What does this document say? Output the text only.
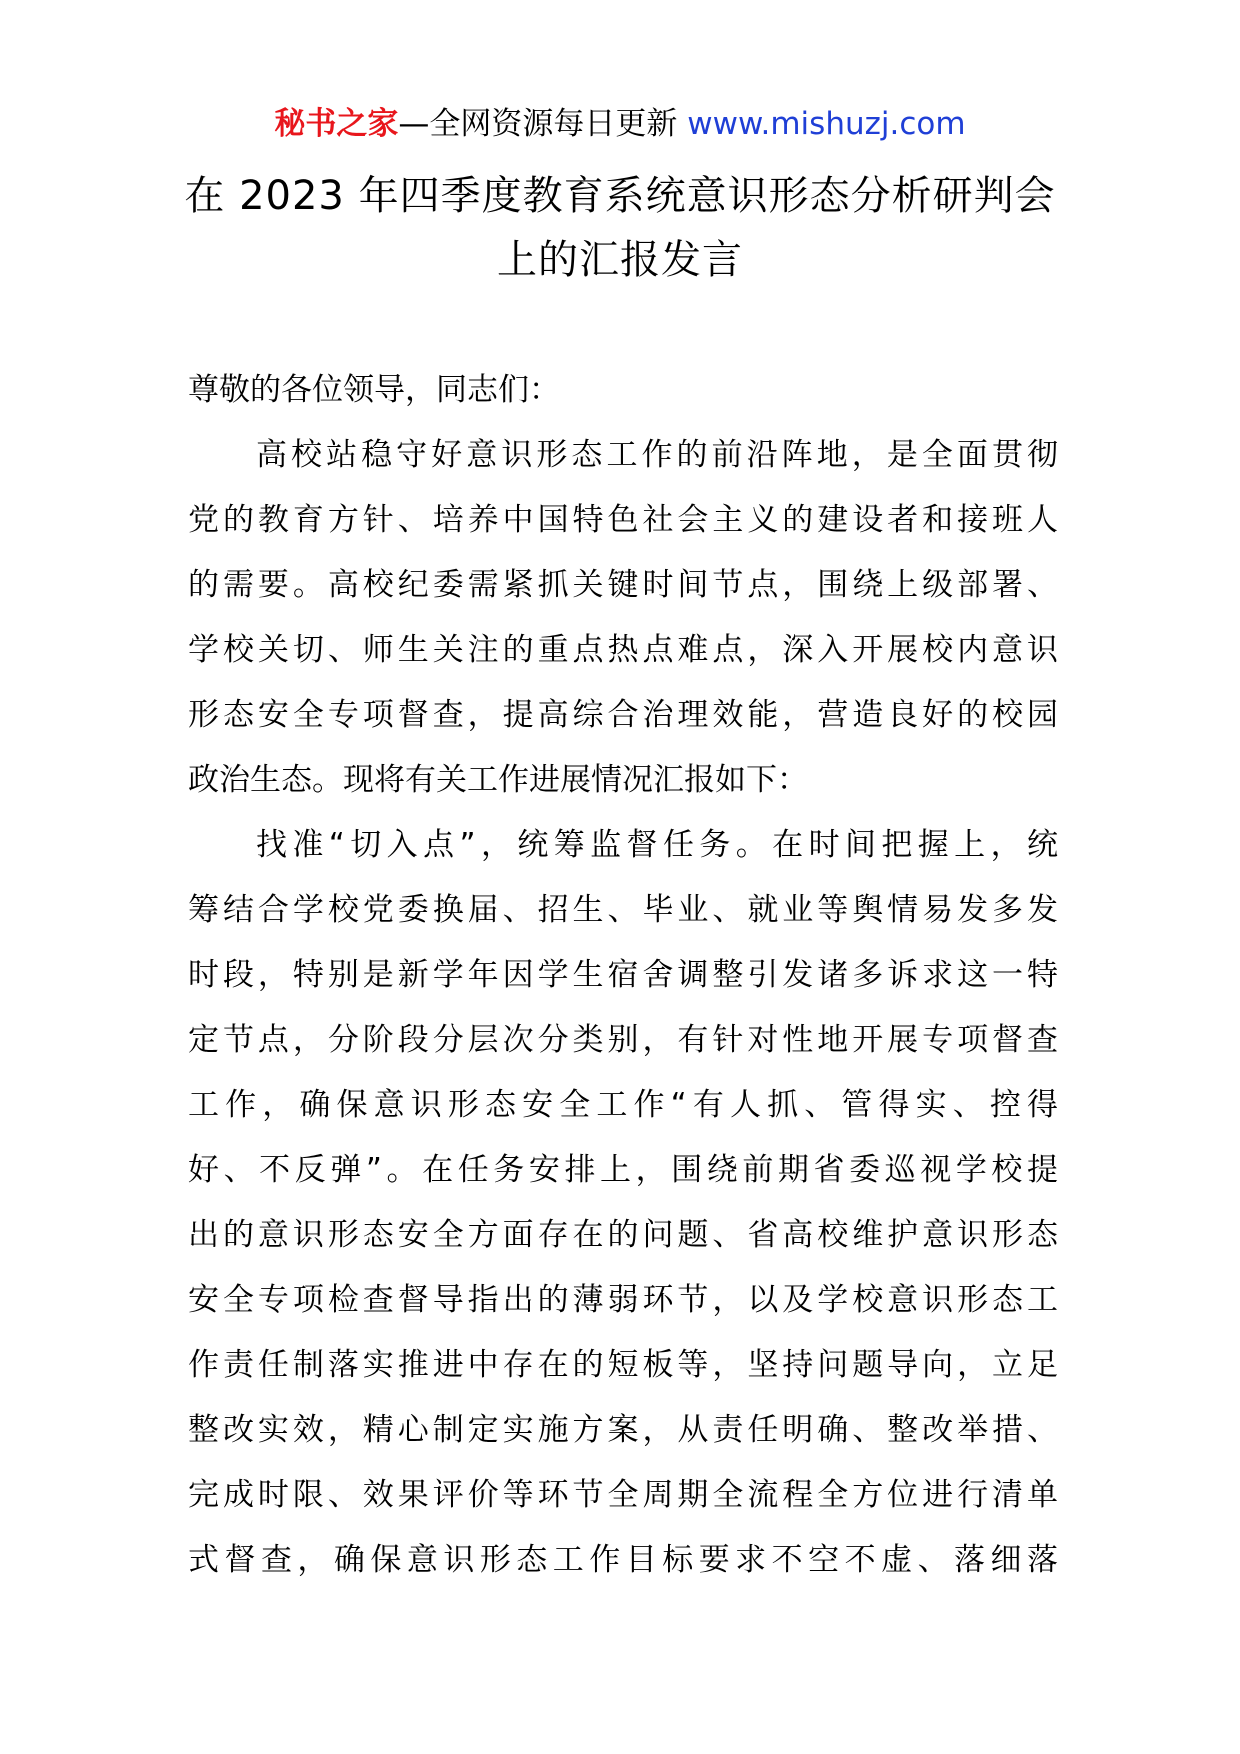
秘书之家—全网资源每日更新 www.mishuzj.com
在 2023 年四季度教育系统意识形态分析研判会
上的汇报发言
尊敬的各位领导，同志们：
高校站稳守好意识形态工作的前沿阵地，是全面贯彻
党的教育方针、培养中国特色社会主义的建设者和接班人
的需要。高校纪委需紧抓关键时间节点，围绕上级部署、
学校关切、师生关注的重点热点难点，深入开展校内意识
形态安全专项督查，提高综合治理效能，营造良好的校园
政治生态。现将有关工作进展情况汇报如下：
找准“切入点”，统筹监督任务。在时间把握上，统
筹结合学校党委换届、招生、毕业、就业等舆情易发多发
时段，特别是新学年因学生宿舍调整引发诸多诉求这一特
定节点，分阶段分层次分类别，有针对性地开展专项督查
工作，确保意识形态安全工作“有人抓、管得实、控得
好、不反弹”。在任务安排上，围绕前期省委巡视学校提
出的意识形态安全方面存在的问题、省高校维护意识形态
安全专项检查督导指出的薄弱环节，以及学校意识形态工
作责任制落实推进中存在的短板等，坚持问题导向，立足
整改实效，精心制定实施方案，从责任明确、整改举措、
完成时限、效果评价等环节全周期全流程全方位进行清单
式督查，确保意识形态工作目标要求不空不虚、落细落
